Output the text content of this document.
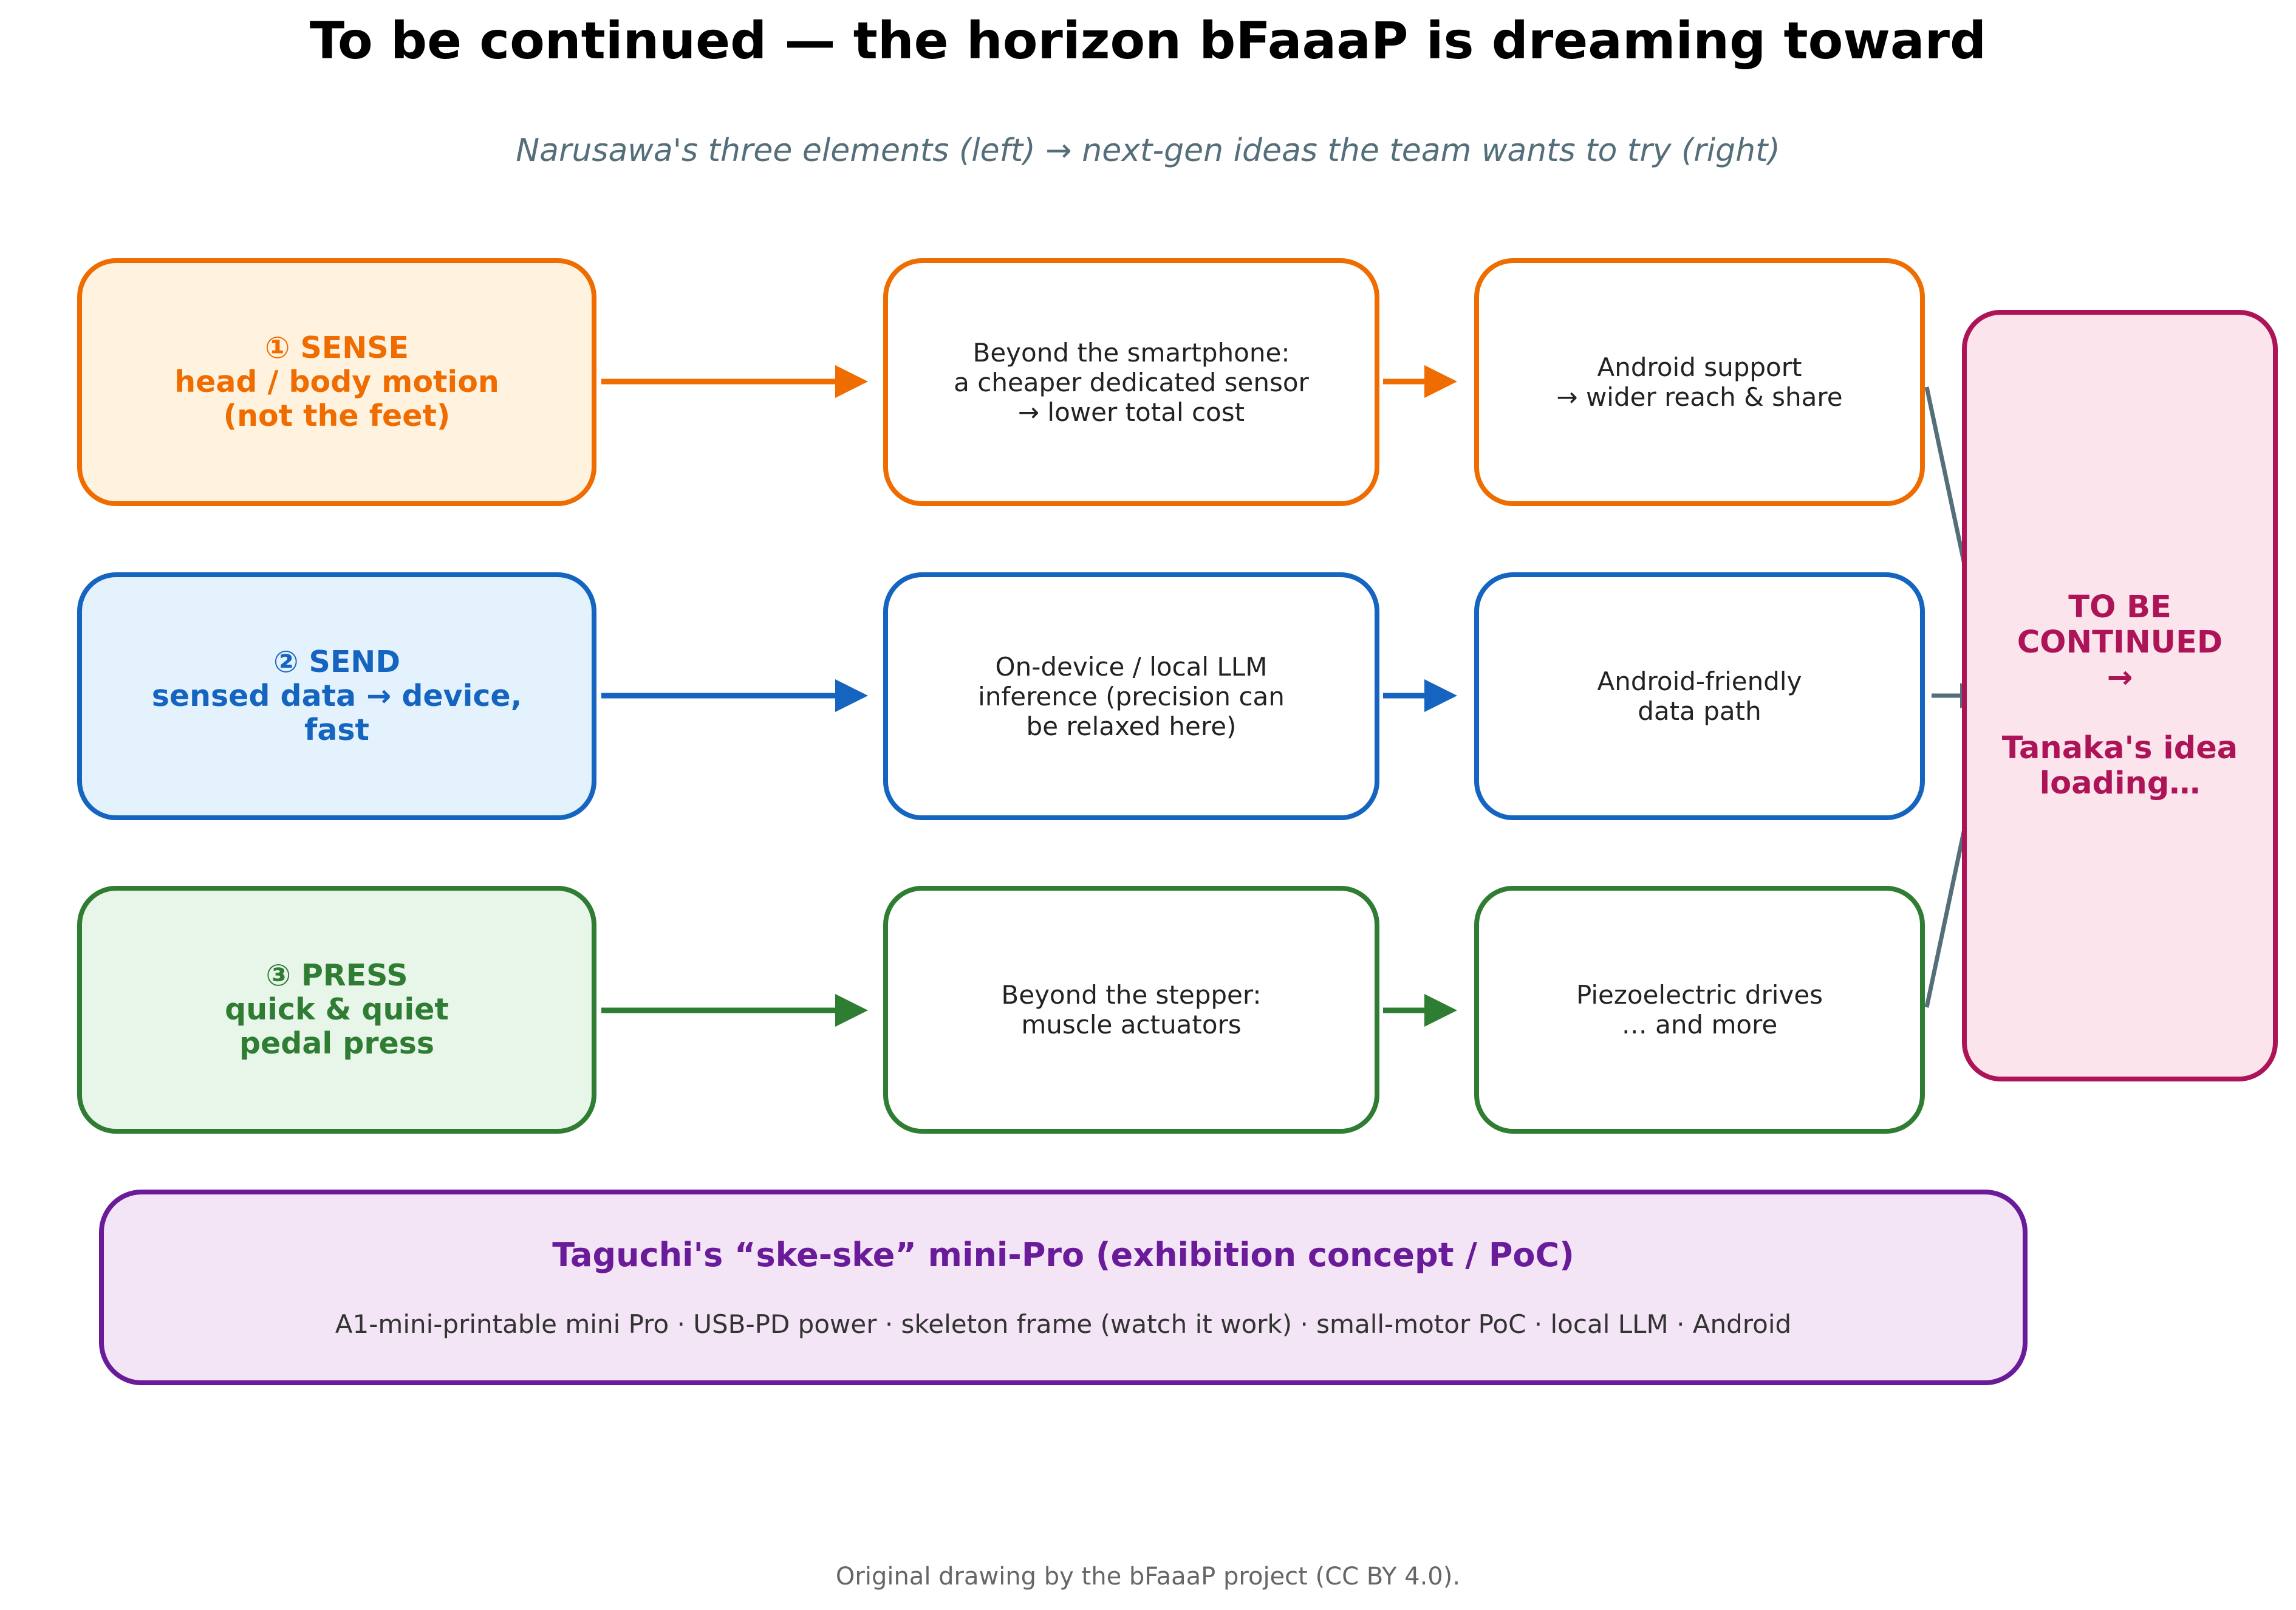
To be continued — the horizon bFaaaP is dreaming toward
Narusawa's three elements (left) → next-gen ideas the team wants to try (right)
① SENSE
head / body motion
(not the feet)
Beyond the smartphone:
a cheaper dedicated sensor
→ lower total cost
Android support
→ wider reach & share
② SEND
sensed data → device,
fast
On-device / local LLM
inference (precision can
be relaxed here)
Android-friendly
data path
③ PRESS
quick & quiet
pedal press
Beyond the stepper:
muscle actuators
Piezoelectric drives
… and more
TO BE
CONTINUED
→

Tanaka's idea
loading…
Taguchi's “ske-ske” mini-Pro (exhibition concept / PoC)
A1-mini-printable mini Pro · USB-PD power · skeleton frame (watch it work) · small-motor PoC · local LLM · Android
Original drawing by the bFaaaP project (CC BY 4.0).
